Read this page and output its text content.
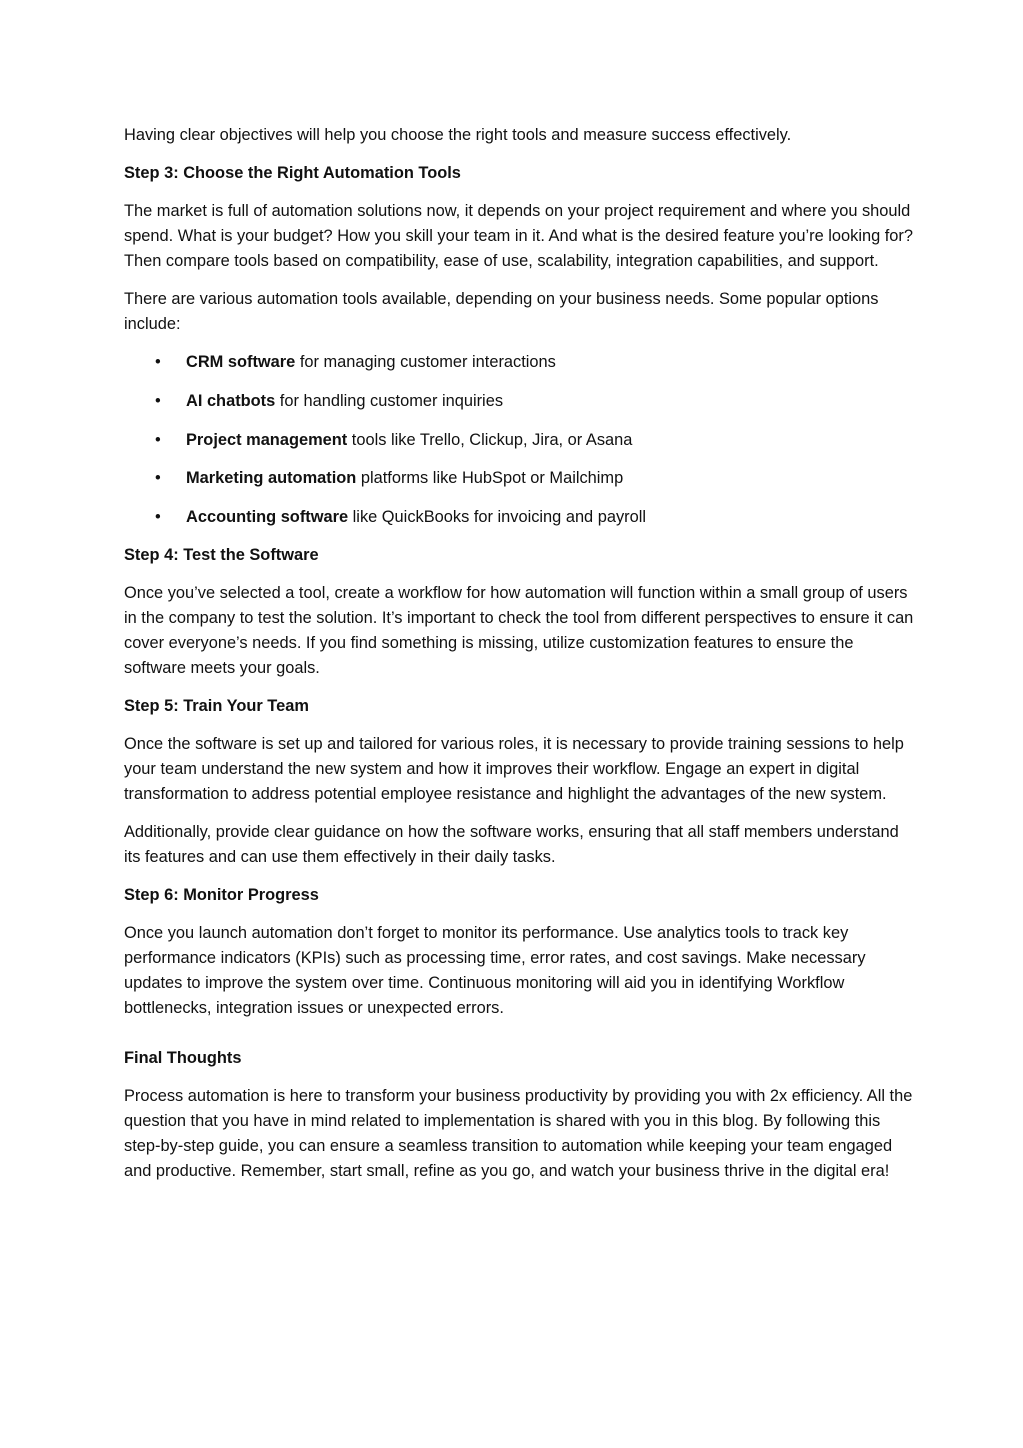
Having clear objectives will help you choose the right tools and measure success effectively.

Step 3: Choose the Right Automation Tools

The market is full of automation solutions now, it depends on your project requirement and where you should spend. What is your budget? How you skill your team in it. And what is the desired feature you’re looking for? Then compare tools based on compatibility, ease of use, scalability, integration capabilities, and support.

There are various automation tools available, depending on your business needs. Some popular options include:

• CRM software for managing customer interactions
• AI chatbots for handling customer inquiries
• Project management tools like Trello, Clickup, Jira, or Asana
• Marketing automation platforms like HubSpot or Mailchimp
• Accounting software like QuickBooks for invoicing and payroll
Step 4: Test the Software

Once you’ve selected a tool, create a workflow for how automation will function within a small group of users in the company to test the solution. It’s important to check the tool from different perspectives to ensure it can cover everyone’s needs. If you find something is missing, utilize customization features to ensure the software meets your goals.

Step 5: Train Your Team

Once the software is set up and tailored for various roles, it is necessary to provide training sessions to help your team understand the new system and how it improves their workflow. Engage an expert in digital transformation to address potential employee resistance and highlight the advantages of the new system.

Additionally, provide clear guidance on how the software works, ensuring that all staff members understand its features and can use them effectively in their daily tasks.

Step 6: Monitor Progress

Once you launch automation don’t forget to monitor its performance. Use analytics tools to track key performance indicators (KPIs) such as processing time, error rates, and cost savings. Make necessary updates to improve the system over time. Continuous monitoring will aid you in identifying Workflow bottlenecks, integration issues or unexpected errors.

Final Thoughts

Process automation is here to transform your business productivity by providing you with 2x efficiency. All the question that you have in mind related to implementation is shared with you in this blog. By following this step-by-step guide, you can ensure a seamless transition to automation while keeping your team engaged and productive. Remember, start small, refine as you go, and watch your business thrive in the digital era!
